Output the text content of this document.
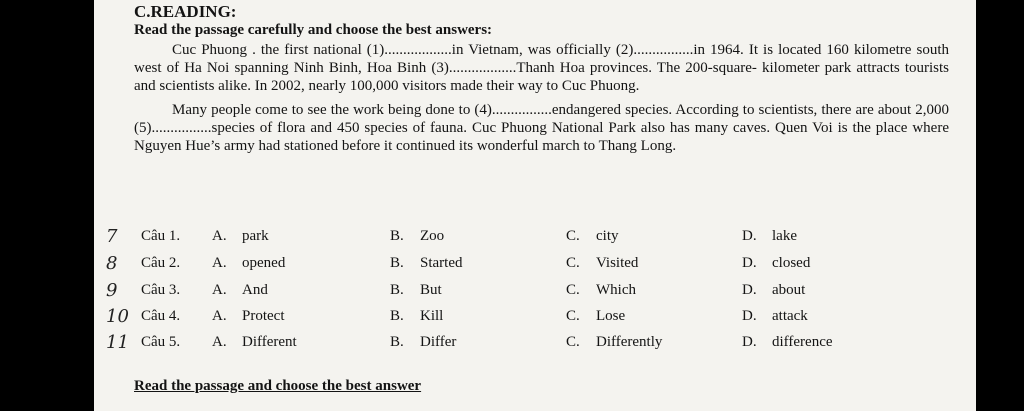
C.READING:
Read the passage carefully and choose the best answers:

Cuc Phuong . the first national (1)..................in Vietnam, was officially (2)................in 1964. It is located 160 kilometre south west of Ha Noi spanning Ninh Binh, Hoa Binh (3)..................Thanh Hoa provinces. The 200-square- kilometer park attracts tourists and scientists alike. In 2002, nearly 100,000 visitors made their way to Cuc Phuong.

Many people come to see the work being done to (4)................endangered species. According to scientists, there are about 2,000 (5)................species of flora and 450 species of fauna. Cuc Phuong National Park also has many caves. Quen Voi is the place where Nguyen Hue’s army had stationed before it continued its wonderful march to Thang Long.

7 Câu 1. A. park	B. Zoo	C. city	D. lake
8 Câu 2. A. opened	B. Started	C. Visited	D. closed
9 Câu 3. A. And	B. But	C. Which	D. about
10 Câu 4. A. Protect	B. Kill	C. Lose	D. attack
11 Câu 5. A. Different	B. Differ	C. Differently	D. difference
Read the passage and choose the best answer
